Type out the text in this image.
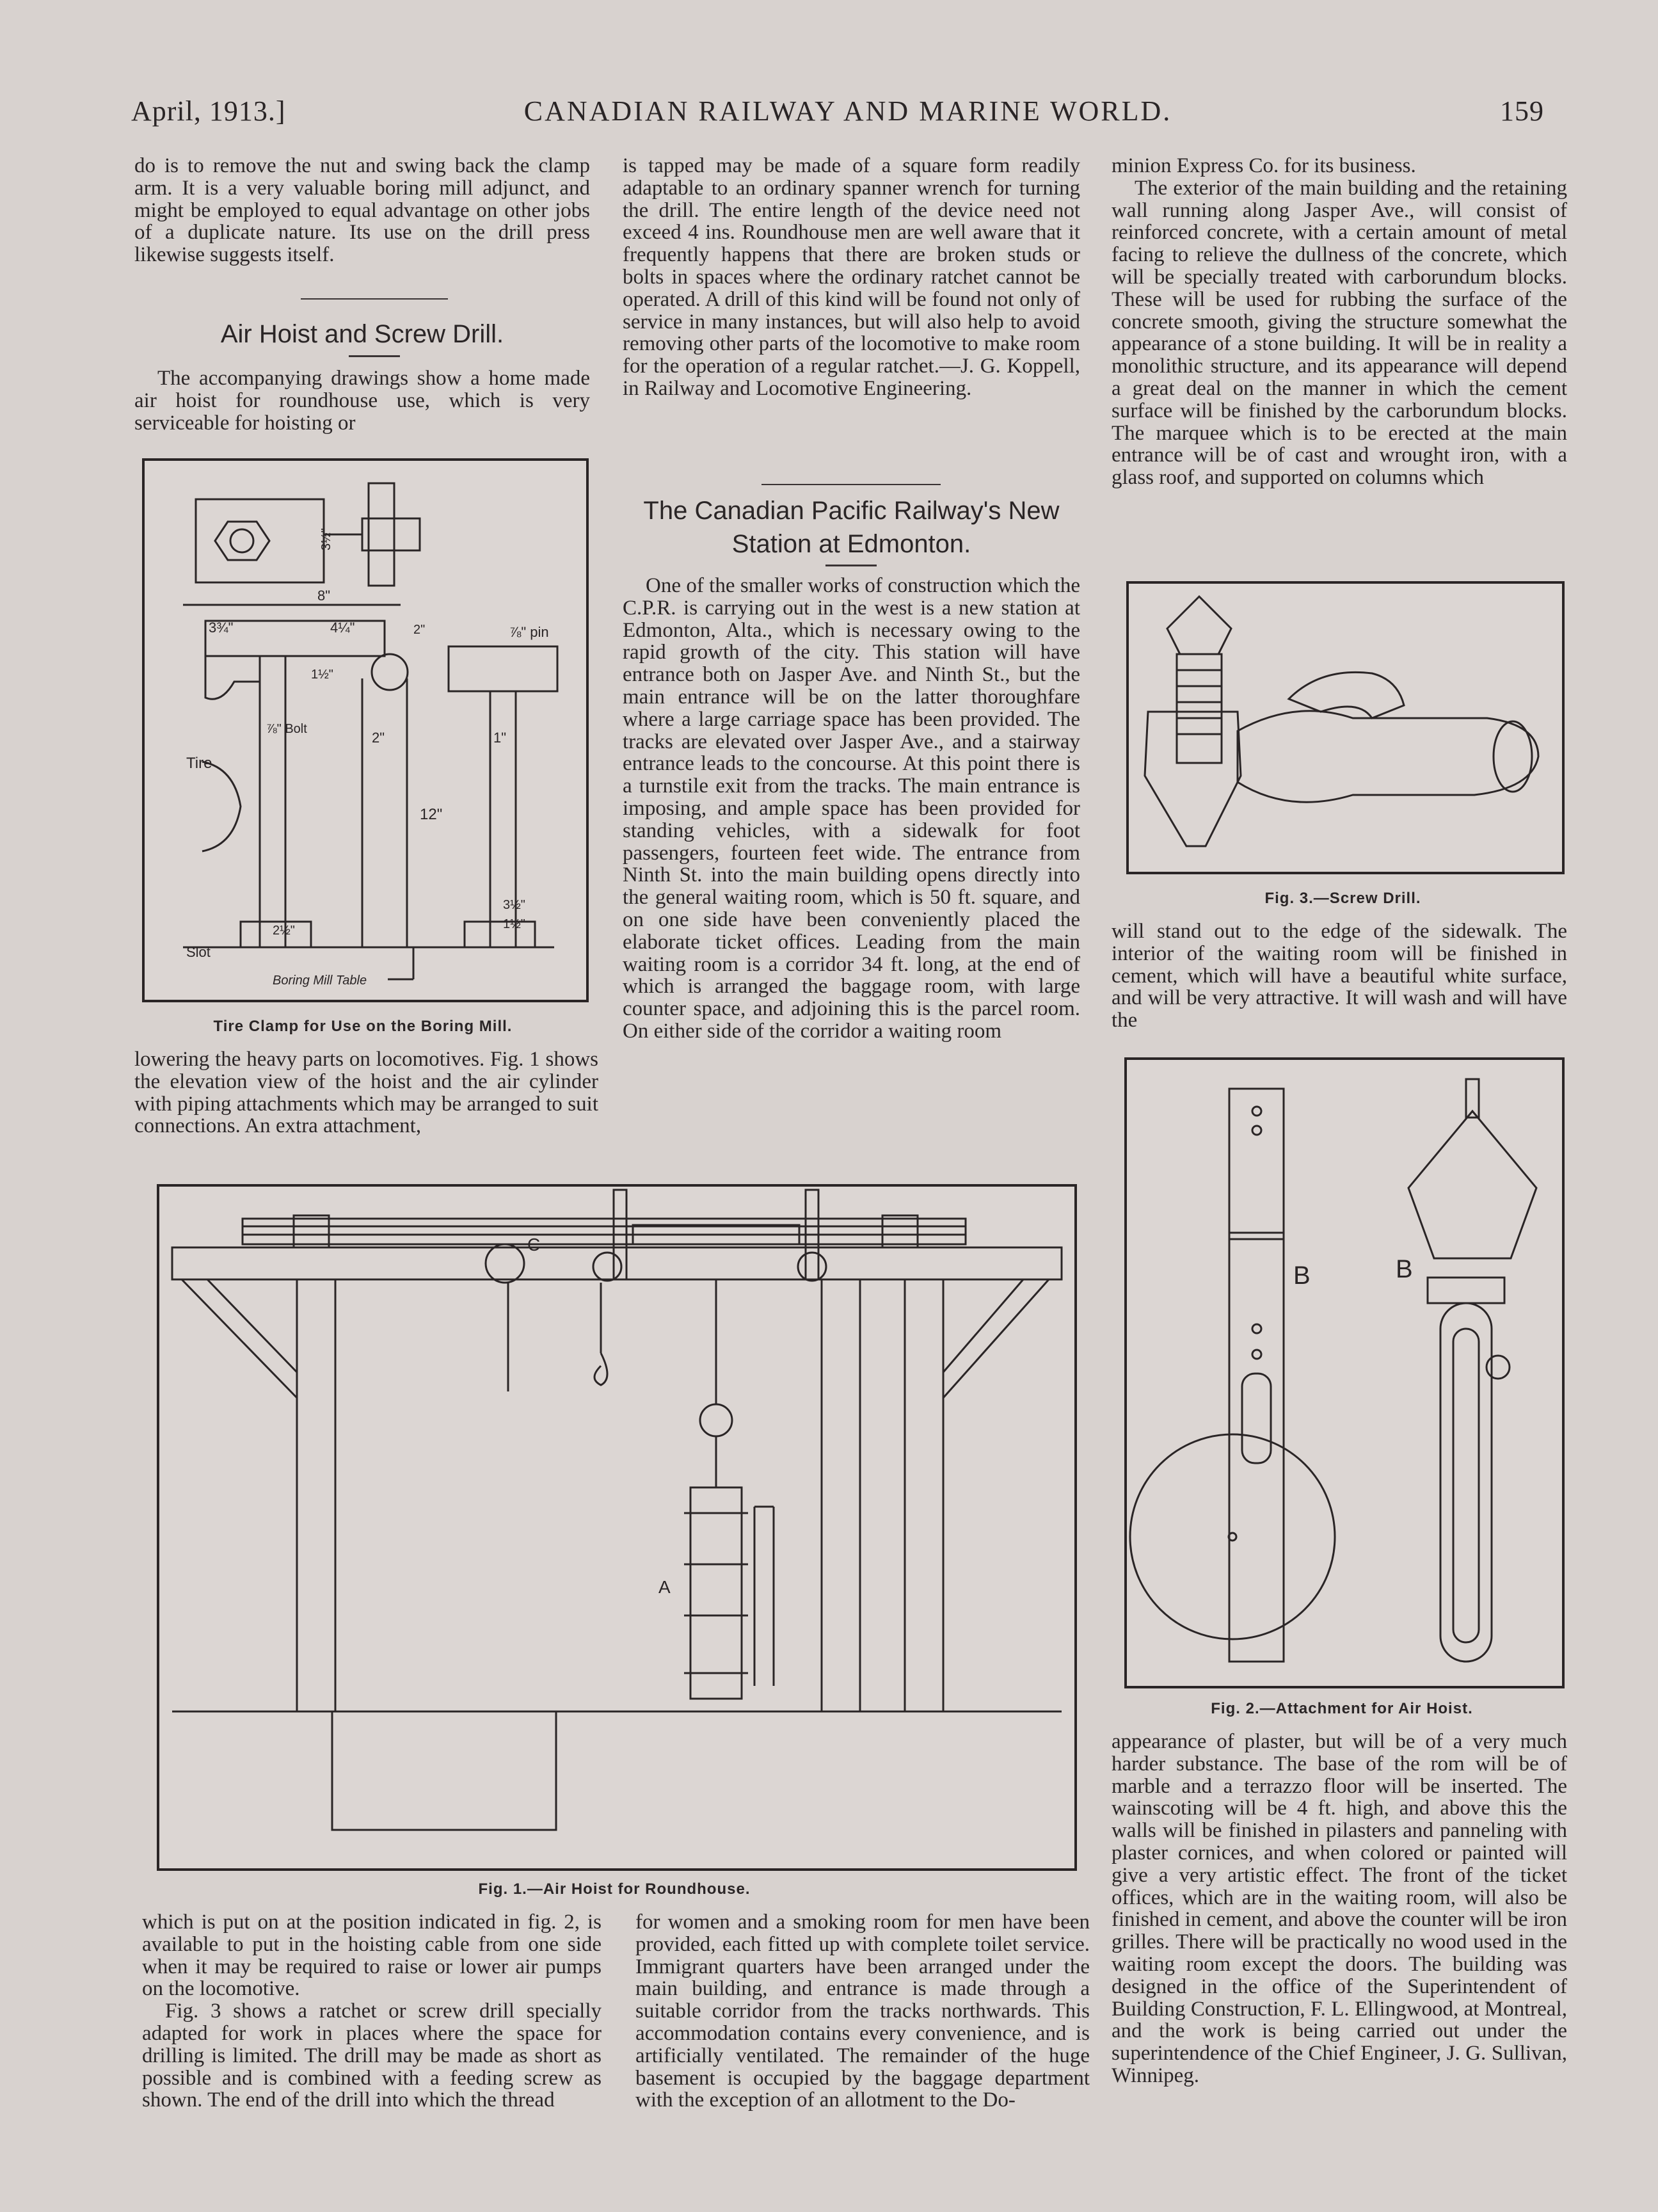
April, 1913.]	CANADIAN RAILWAY AND MARINE WORLD.	159

do is to remove the nut and swing back the clamp arm. It is a very valuable boring mill adjunct, and might be employed to equal advantage on other jobs of a duplicate nature. Its use on the drill press likewise suggests itself.

Air Hoist and Screw Drill.

The accompanying drawings show a home made air hoist for roundhouse use, which is very serviceable for hoisting or

3½"
8"
3¾"	4¼"	2"	⅞" pin
1½"
⅞" Bolt
2"	1"
Tire
12"
2½"
3½"
1½"
Slot
Boring Mill Table
Tire Clamp for Use on the Boring Mill.

lowering the heavy parts on locomotives. Fig. 1 shows the elevation view of the hoist and the air cylinder with piping attachments which may be arranged to suit connections. An extra attachment,

is tapped may be made of a square form readily adaptable to an ordinary spanner wrench for turning the drill. The entire length of the device need not exceed 4 ins. Roundhouse men are well aware that it frequently happens that there are broken studs or bolts in spaces where the ordinary ratchet cannot be operated. A drill of this kind will be found not only of service in many instances, but will also help to avoid removing other parts of the locomotive to make room for the operation of a regular ratchet.—J. G. Koppell, in Railway and Locomotive Engineering.

The Canadian Pacific Railway's New
Station at Edmonton.

One of the smaller works of construction which the C.P.R. is carrying out in the west is a new station at Edmonton, Alta., which is necessary owing to the rapid growth of the city. This station will have entrance both on Jasper Ave. and Ninth St., but the main entrance will be on the latter thoroughfare where a large carriage space has been provided. The tracks are elevated over Jasper Ave., and a stairway entrance leads to the concourse. At this point there is a turnstile exit from the tracks. The main entrance is imposing, and ample space has been provided for standing vehicles, with a sidewalk for foot passengers, fourteen feet wide. The entrance from Ninth St. into the main building opens directly into the general waiting room, which is 50 ft. square, and on one side have been conveniently placed the elaborate ticket offices. Leading from the main waiting room is a corridor 34 ft. long, at the end of which is arranged the baggage room, with large counter space, and adjoining this is the parcel room. On either side of the corridor a waiting room

minion Express Co. for its business.

The exterior of the main building and the retaining wall running along Jasper Ave., will consist of reinforced concrete, with a certain amount of metal facing to relieve the dullness of the concrete, which will be specially treated with carborundum blocks. These will be used for rubbing the surface of the concrete smooth, giving the structure somewhat the appearance of a stone building. It will be in reality a monolithic structure, and its appearance will depend a great deal on the manner in which the cement surface will be finished by the carborundum blocks. The marquee which is to be erected at the main entrance will be of cast and wrought iron, with a glass roof, and supported on columns which

Fig. 3.—Screw Drill.

will stand out to the edge of the sidewalk. The interior of the waiting room will be finished in cement, which will have a beautiful white surface, and will be very attractive. It will wash and will have the

B	B
Fig. 2.—Attachment for Air Hoist.

appearance of plaster, but will be of a very much harder substance. The base of the rom will be of marble and a terrazzo floor will be inserted. The wainscoting will be 4 ft. high, and above this the walls will be finished in pilasters and panneling with plaster cornices, and when colored or painted will give a very artistic effect. The front of the ticket offices, which are in the waiting room, will also be finished in cement, and above the counter will be iron grilles. There will be practically no wood used in the waiting room except the doors. The building was designed in the office of the Superintendent of Building Construction, F. L. Ellingwood, at Montreal, and the work is being carried out under the superintendence of the Chief Engineer, J. G. Sullivan, Winnipeg.

C
A
Fig. 1.—Air Hoist for Roundhouse.

which is put on at the position indicated in fig. 2, is available to put in the hoisting cable from one side when it may be required to raise or lower air pumps on the locomotive.

Fig. 3 shows a ratchet or screw drill specially adapted for work in places where the space for drilling is limited. The drill may be made as short as possible and is combined with a feeding screw as shown. The end of the drill into which the thread

for women and a smoking room for men have been provided, each fitted up with complete toilet service. Immigrant quarters have been arranged under the main building, and entrance is made through a suitable corridor from the tracks northwards. This accommodation contains every convenience, and is artificially ventilated. The remainder of the huge basement is occupied by the baggage department with the exception of an allotment to the Do-
